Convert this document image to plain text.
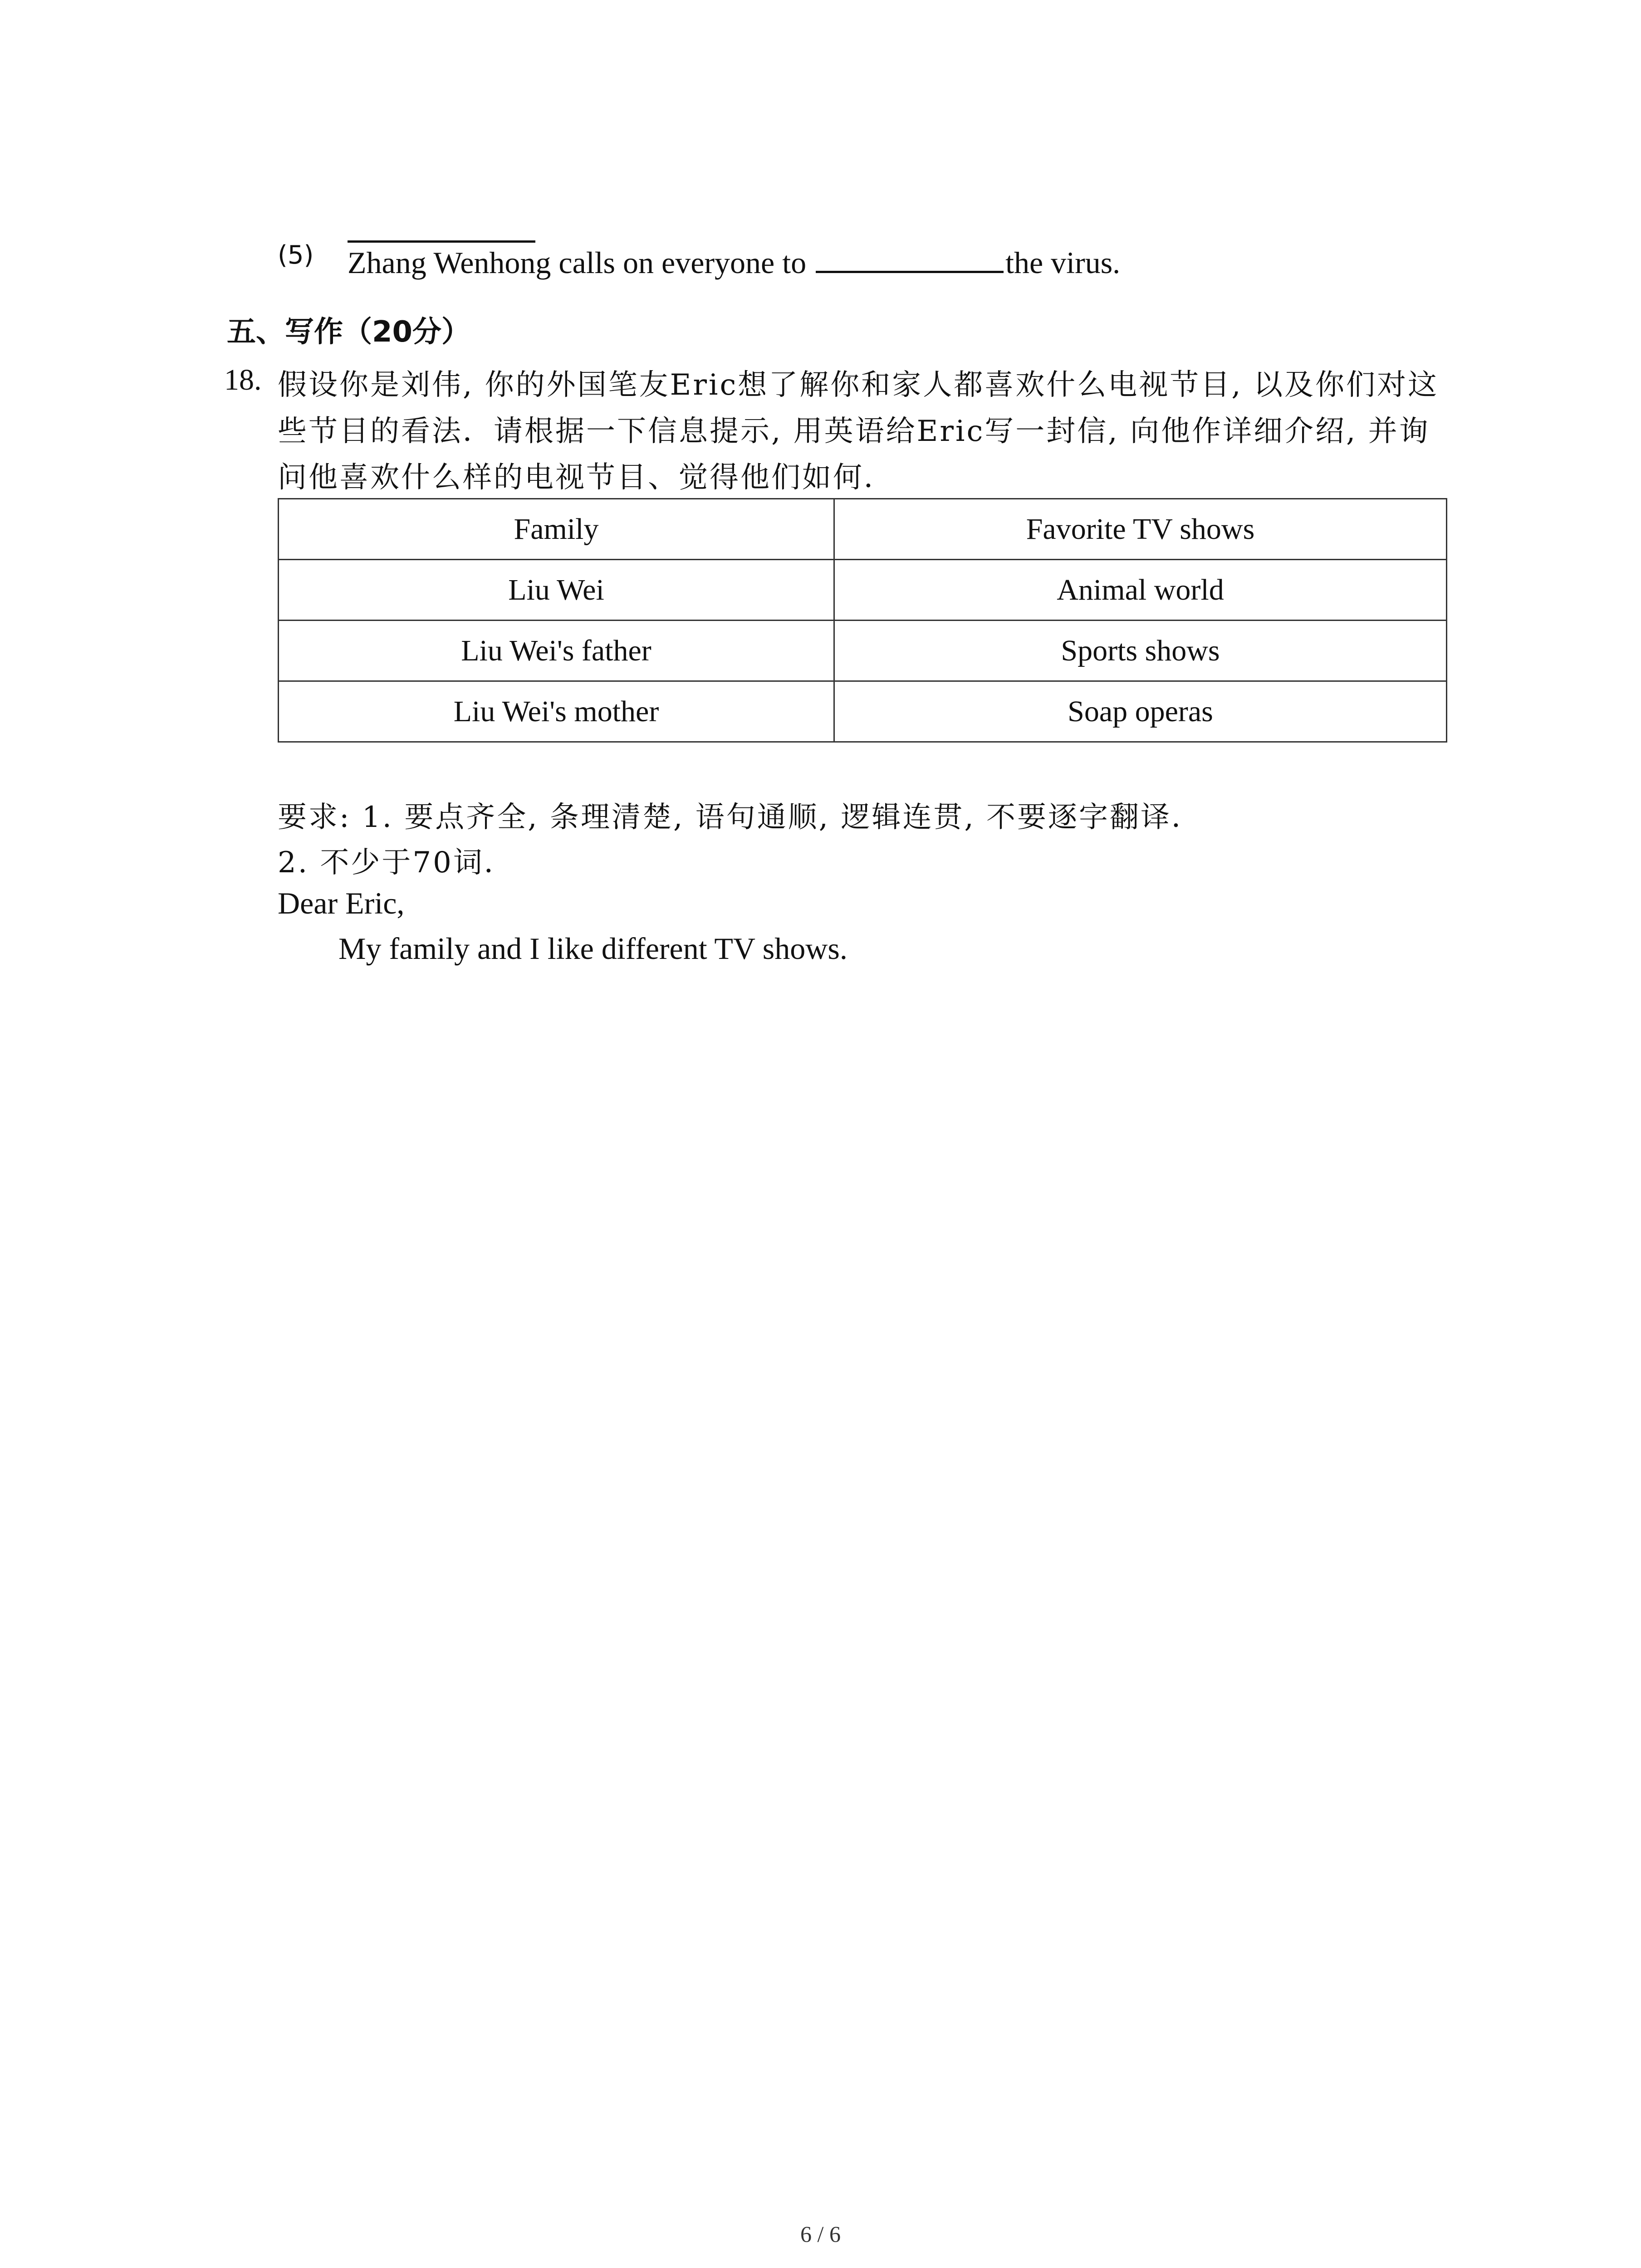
(5) Zhang Wenhong calls on everyone to	the virus.
五、写作（20分）
18. 假设你是刘伟, 你的外国笔友Eric想了解你和家人都喜欢什么电视节目, 以及你们对这些节目的看法．请根据一下信息提示, 用英语给Eric写一封信, 向他作详细介绍, 并询问他喜欢什么样的电视节目、觉得他们如何．
Family	Favorite TV shows
Liu Wei	Animal world
Liu Wei's father	Sports shows
Liu Wei's mother	Soap operas
要求: 1. 要点齐全, 条理清楚, 语句通顺, 逻辑连贯, 不要逐字翻译．
2. 不少于70词．
Dear Eric,
My family and I like different TV shows.
6 / 6
